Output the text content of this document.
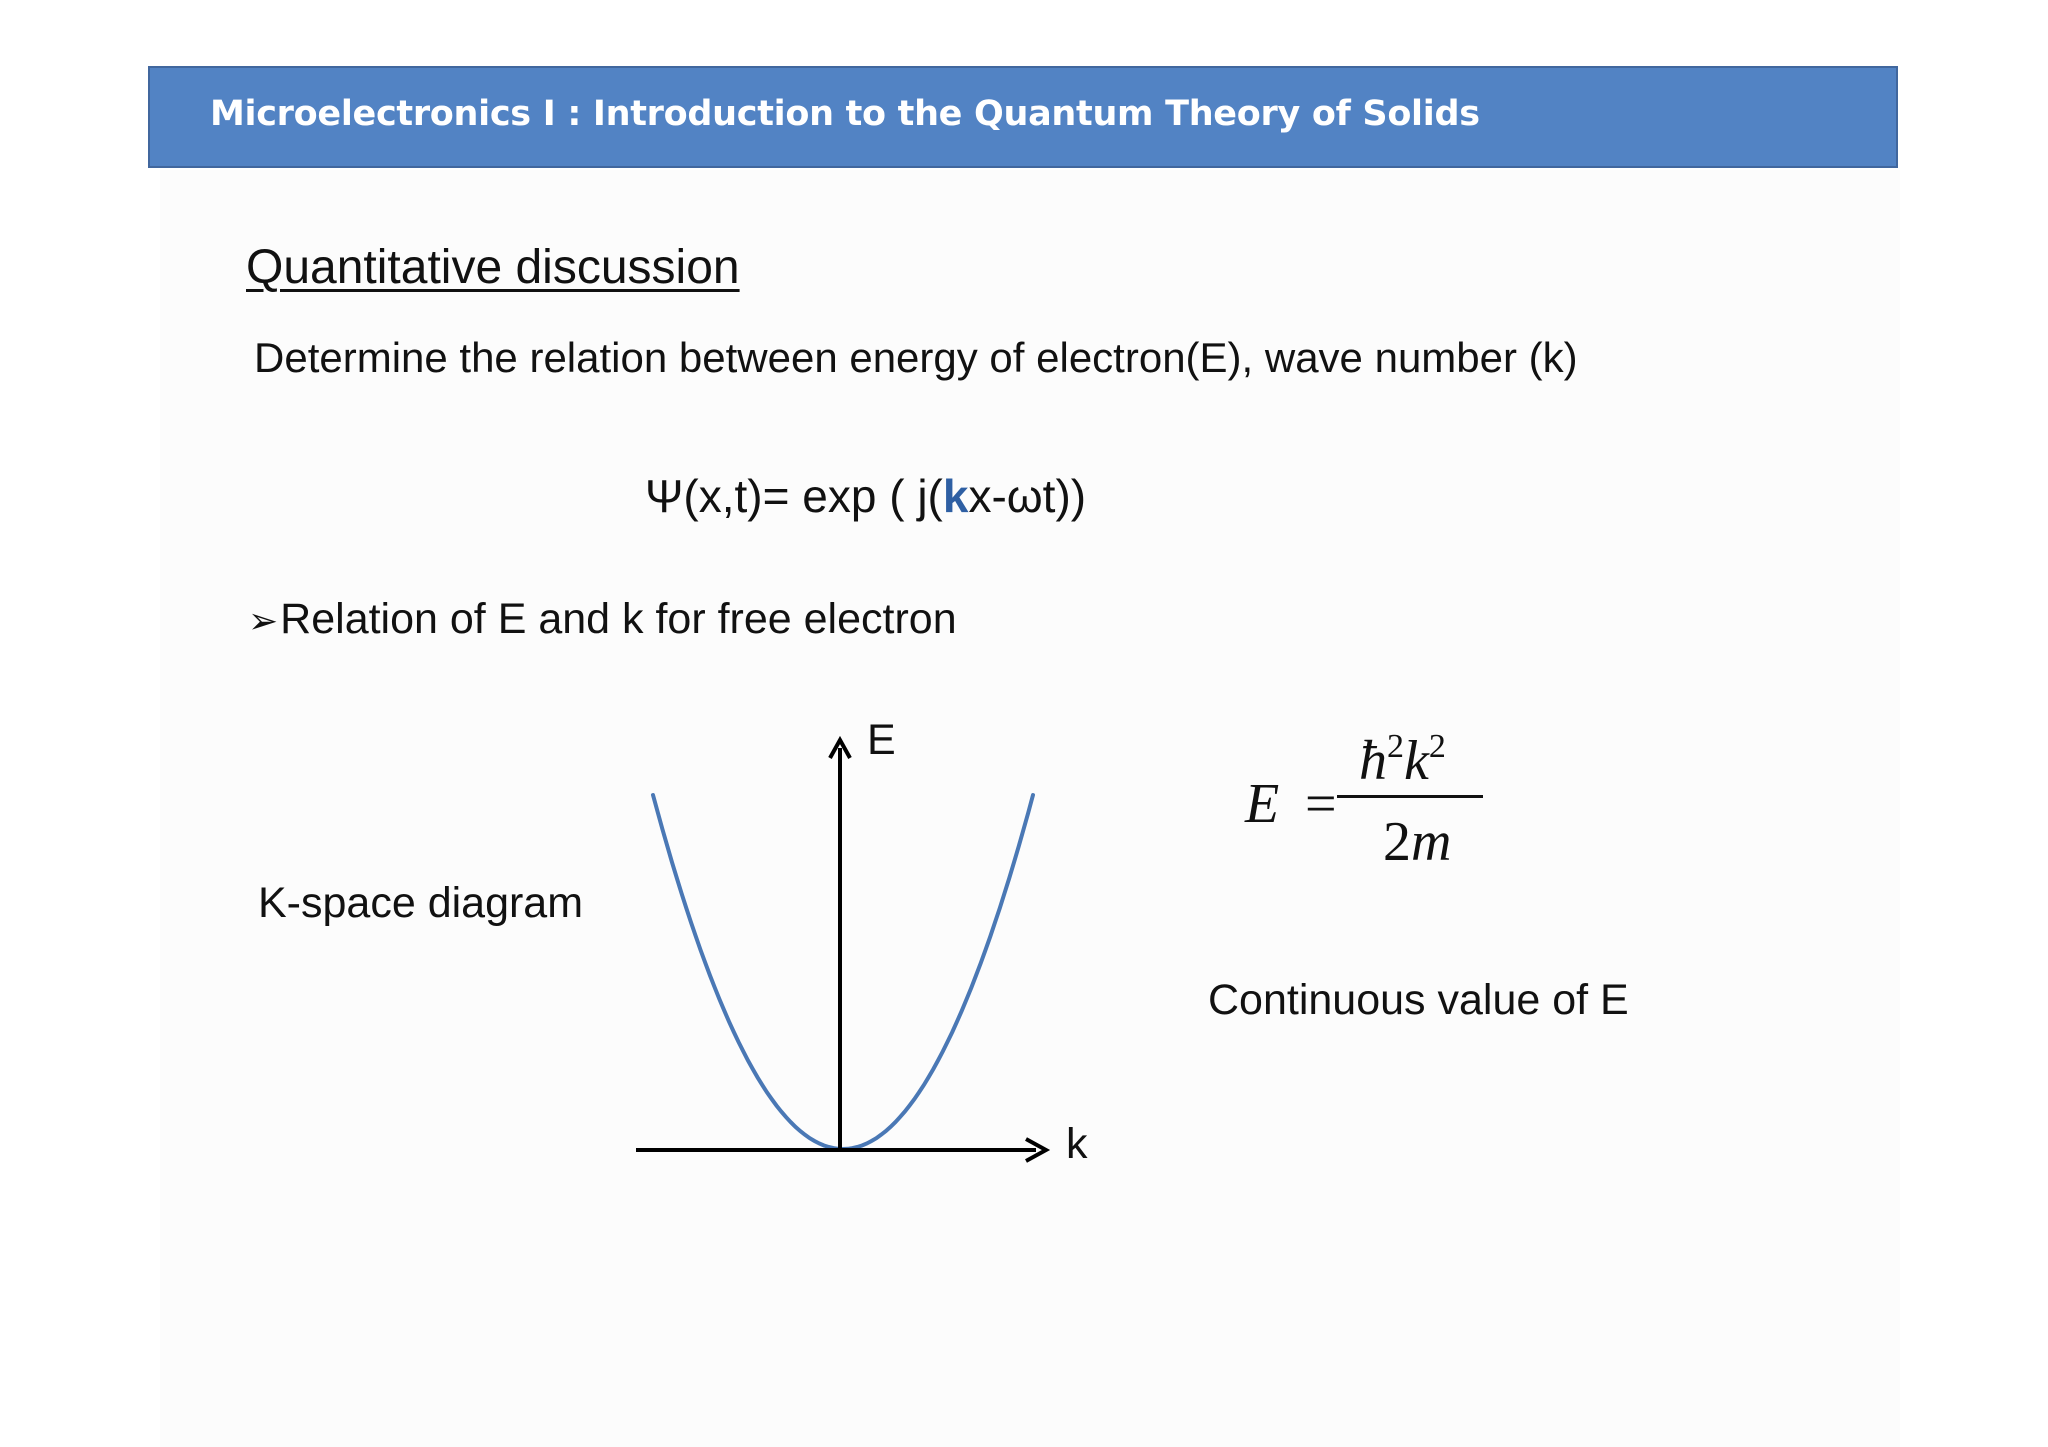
Microelectronics I : Introduction to the Quantum Theory of Solids
Quantitative discussion
Determine the relation between energy of electron(E), wave number (k)
Ψ(x,t)= exp ( j(kx-ωt))
➢Relation of E and k for free electron
K-space diagram
E
k
E =
$ħ^2k^2$
2m
Continuous value of E
